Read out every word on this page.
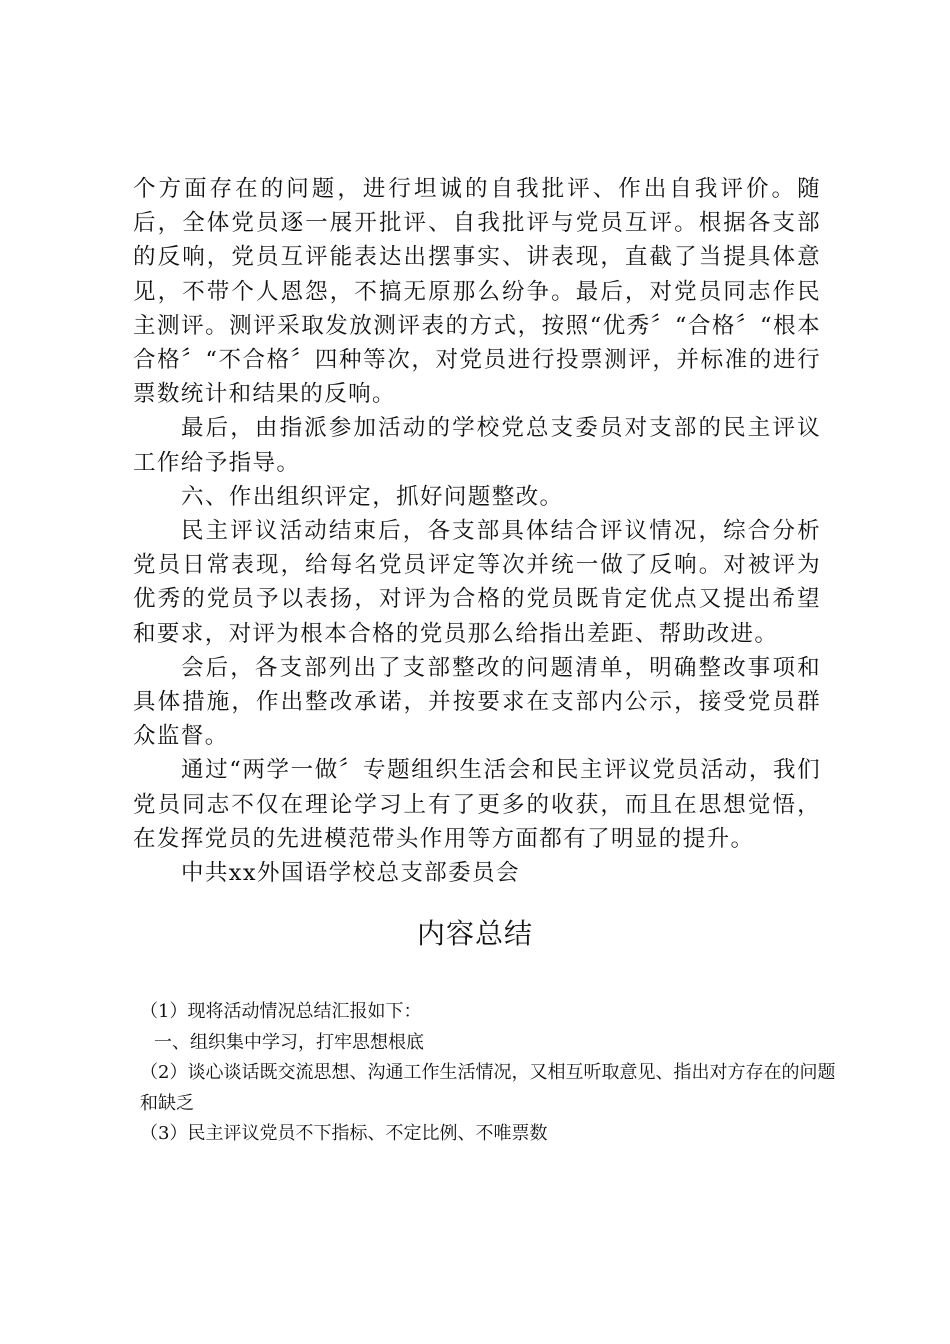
个方面存在的问题，进行坦诚的自我批评、作出自我评价。随后，全体党员逐一展开批评、自我批评与党员互评。根据各支部的反响，党员互评能表达出摆事实、讲表现，直截了当提具体意见，不带个人恩怨，不搞无原那么纷争。最后，对党员同志作民主测评。测评采取发放测评表的方式，按照“优秀〞“合格〞“根本合格〞“不合格〞四种等次，对党员进行投票测评，并标准的进行票数统计和结果的反响。

最后，由指派参加活动的学校党总支委员对支部的民主评议工作给予指导。

六、作出组织评定，抓好问题整改。

民主评议活动结束后，各支部具体结合评议情况，综合分析党员日常表现，给每名党员评定等次并统一做了反响。对被评为优秀的党员予以表扬，对评为合格的党员既肯定优点又提出希望和要求，对评为根本合格的党员那么给指出差距、帮助改进。

会后，各支部列出了支部整改的问题清单，明确整改事项和具体措施，作出整改承诺，并按要求在支部内公示，接受党员群众监督。

通过“两学一做〞专题组织生活会和民主评议党员活动，我们党员同志不仅在理论学习上有了更多的收获，而且在思想觉悟，在发挥党员的先进模范带头作用等方面都有了明显的提升。

中共xx外国语学校总支部委员会

内容总结

（1）现将活动情况总结汇报如下：

一、组织集中学习，打牢思想根底

（2）谈心谈话既交流思想、沟通工作生活情况，又相互听取意见、指出对方存在的问题和缺乏

（3）民主评议党员不下指标、不定比例、不唯票数
